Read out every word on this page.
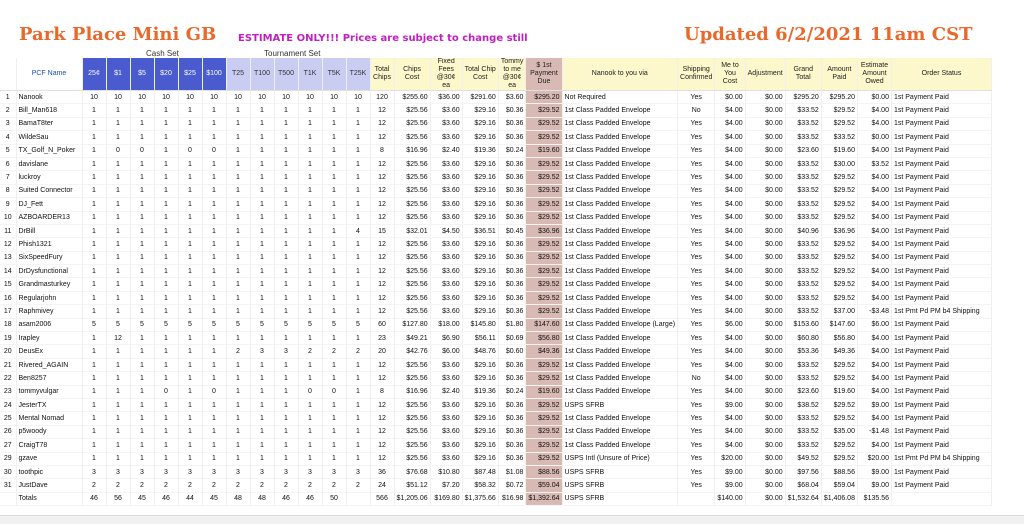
Park Place Mini GB ESTIMATE ONLY!!! Prices are subject to change still	Updated 6/2/2021 11am CST
Cash Set	Tournament Set
	PCF Name	25¢	$1	$5	$20	$25	$100	T25	T100	T500	T1K	T5K	T25K	Total Chips	Chips Cost	Fixed Fees @30¢ ea	Total Chip Cost	Tommy to me @30¢ ea	$ 1st Payment Due	Nanook to you via	Shipping Confirmed	Me to You Cost	Adjustment	Grand Total	Amount Paid	Estimate Amount Owed	Order Status
1	Nanook	10	10	10	10	10	10	10	10	10	10	10	10	120	$255.60	$36.00	$291.60	$3.60	$295.20	Not Required	Yes	$0.00	$0.00	$295.20	$295.20	$0.00	1st Payment Paid
2	Bill_Man618	1	1	1	1	1	1	1	1	1	1	1	1	12	$25.56	$3.60	$29.16	$0.36	$29.52	1st Class Padded Envelope	No	$4.00	$0.00	$33.52	$29.52	$4.00	1st Payment Paid
3	BamaT8ter	1	1	1	1	1	1	1	1	1	1	1	1	12	$25.56	$3.60	$29.16	$0.36	$29.52	1st Class Padded Envelope	Yes	$4.00	$0.00	$33.52	$29.52	$4.00	1st Payment Paid
4	WildeSau	1	1	1	1	1	1	1	1	1	1	1	1	12	$25.56	$3.60	$29.16	$0.36	$29.52	1st Class Padded Envelope	Yes	$4.00	$0.00	$33.52	$33.52	$0.00	1st Payment Paid
5	TX_Golf_N_Poker	1	0	0	1	0	0	1	1	1	1	1	1	8	$16.96	$2.40	$19.36	$0.24	$19.60	1st Class Padded Envelope	Yes	$4.00	$0.00	$23.60	$19.60	$4.00	1st Payment Paid
6	davislane	1	1	1	1	1	1	1	1	1	1	1	1	12	$25.56	$3.60	$29.16	$0.36	$29.52	1st Class Padded Envelope	Yes	$4.00	$0.00	$33.52	$30.00	$3.52	1st Payment Paid
7	luckroy	1	1	1	1	1	1	1	1	1	1	1	1	12	$25.56	$3.60	$29.16	$0.36	$29.52	1st Class Padded Envelope	Yes	$4.00	$0.00	$33.52	$29.52	$4.00	1st Payment Paid
8	Suited Connector	1	1	1	1	1	1	1	1	1	1	1	1	12	$25.56	$3.60	$29.16	$0.36	$29.52	1st Class Padded Envelope	Yes	$4.00	$0.00	$33.52	$29.52	$4.00	1st Payment Paid
9	DJ_Fett	1	1	1	1	1	1	1	1	1	1	1	1	12	$25.56	$3.60	$29.16	$0.36	$29.52	1st Class Padded Envelope	Yes	$4.00	$0.00	$33.52	$29.52	$4.00	1st Payment Paid
10	AZBOARDER13	1	1	1	1	1	1	1	1	1	1	1	1	12	$25.56	$3.60	$29.16	$0.36	$29.52	1st Class Padded Envelope	Yes	$4.00	$0.00	$33.52	$29.52	$4.00	1st Payment Paid
11	DrBill	1	1	1	1	1	1	1	1	1	1	1	4	15	$32.01	$4.50	$36.51	$0.45	$36.96	1st Class Padded Envelope	Yes	$4.00	$0.00	$40.96	$36.96	$4.00	1st Payment Paid
12	Phish1321	1	1	1	1	1	1	1	1	1	1	1	1	12	$25.56	$3.60	$29.16	$0.36	$29.52	1st Class Padded Envelope	Yes	$4.00	$0.00	$33.52	$29.52	$4.00	1st Payment Paid
13	SixSpeedFury	1	1	1	1	1	1	1	1	1	1	1	1	12	$25.56	$3.60	$29.16	$0.36	$29.52	1st Class Padded Envelope	Yes	$4.00	$0.00	$33.52	$29.52	$4.00	1st Payment Paid
14	DrDysfunctional	1	1	1	1	1	1	1	1	1	1	1	1	12	$25.56	$3.60	$29.16	$0.36	$29.52	1st Class Padded Envelope	Yes	$4.00	$0.00	$33.52	$29.52	$4.00	1st Payment Paid
15	Grandmasturkey	1	1	1	1	1	1	1	1	1	1	1	1	12	$25.56	$3.60	$29.16	$0.36	$29.52	1st Class Padded Envelope	Yes	$4.00	$0.00	$33.52	$29.52	$4.00	1st Payment Paid
16	Regularjohn	1	1	1	1	1	1	1	1	1	1	1	1	12	$25.56	$3.60	$29.16	$0.36	$29.52	1st Class Padded Envelope	Yes	$4.00	$0.00	$33.52	$29.52	$4.00	1st Payment Paid
17	Raphmivey	1	1	1	1	1	1	1	1	1	1	1	1	12	$25.56	$3.60	$29.16	$0.36	$29.52	1st Class Padded Envelope	Yes	$4.00	$0.00	$33.52	$37.00	-$3.48	1st Pmt Pd PM b4 Shipping
18	asam2006	5	5	5	5	5	5	5	5	5	5	5	5	60	$127.80	$18.00	$145.80	$1.80	$147.60	1st Class Padded Envelope (Large)	Yes	$6.00	$0.00	$153.60	$147.60	$6.00	1st Payment Paid
19	Irapley	1	12	1	1	1	1	1	1	1	1	1	1	23	$49.21	$6.90	$56.11	$0.69	$56.80	1st Class Padded Envelope	Yes	$4.00	$0.00	$60.80	$56.80	$4.00	1st Payment Paid
20	DeusEx	1	1	1	1	1	1	2	3	3	2	2	2	20	$42.76	$6.00	$48.76	$0.60	$49.36	1st Class Padded Envelope	Yes	$4.00	$0.00	$53.36	$49.36	$4.00	1st Payment Paid
21	Rivered_AGAIN	1	1	1	1	1	1	1	1	1	1	1	1	12	$25.56	$3.60	$29.16	$0.36	$29.52	1st Class Padded Envelope	Yes	$4.00	$0.00	$33.52	$29.52	$4.00	1st Payment Paid
22	Ben8257	1	1	1	1	1	1	1	1	1	1	1	1	12	$25.56	$3.60	$29.16	$0.36	$29.52	1st Class Padded Envelope	No	$4.00	$0.00	$33.52	$29.52	$4.00	1st Payment Paid
23	tommyvulgar	1	1	1	0	1	0	1	1	1	0	0	1	8	$16.96	$2.40	$19.36	$0.24	$19.60	1st Class Padded Envelope	Yes	$4.00	$0.00	$23.60	$19.60	$4.00	1st Payment Paid
24	JesterTX	1	1	1	1	1	1	1	1	1	1	1	1	12	$25.56	$3.60	$29.16	$0.36	$29.52	USPS SFRB	Yes	$9.00	$0.00	$38.52	$29.52	$9.00	1st Payment Paid
25	Mental Nomad	1	1	1	1	1	1	1	1	1	1	1	1	12	$25.56	$3.60	$29.16	$0.36	$29.52	1st Class Padded Envelope	Yes	$4.00	$0.00	$33.52	$29.52	$4.00	1st Payment Paid
26	p5woody	1	1	1	1	1	1	1	1	1	1	1	1	12	$25.56	$3.60	$29.16	$0.36	$29.52	1st Class Padded Envelope	Yes	$4.00	$0.00	$33.52	$35.00	-$1.48	1st Payment Paid
27	CraigT78	1	1	1	1	1	1	1	1	1	1	1	1	12	$25.56	$3.60	$29.16	$0.36	$29.52	1st Class Padded Envelope	Yes	$4.00	$0.00	$33.52	$29.52	$4.00	1st Payment Paid
29	gzave	1	1	1	1	1	1	1	1	1	1	1	1	12	$25.56	$3.60	$29.16	$0.36	$29.52	USPS Intl (Unsure of Price)	Yes	$20.00	$0.00	$49.52	$29.52	$20.00	1st Pmt Pd PM b4 Shipping
30	toothpic	3	3	3	3	3	3	3	3	3	3	3	3	36	$76.68	$10.80	$87.48	$1.08	$88.56	USPS SFRB	Yes	$9.00	$0.00	$97.56	$88.56	$9.00	1st Payment Paid
31	JustDave	2	2	2	2	2	2	2	2	2	2	2	2	24	$51.12	$7.20	$58.32	$0.72	$59.04	USPS SFRB	Yes	$9.00	$0.00	$68.04	$59.04	$9.00	1st Payment Paid
	Totals	46	56	45	46	44	45	48	48	46	46	50		566	$1,205.06	$169.80	$1,375.66	$16.98	$1,392.64	USPS SFRB		$140.00	$0.00	$1,532.64	$1,406.08	$135.56	
